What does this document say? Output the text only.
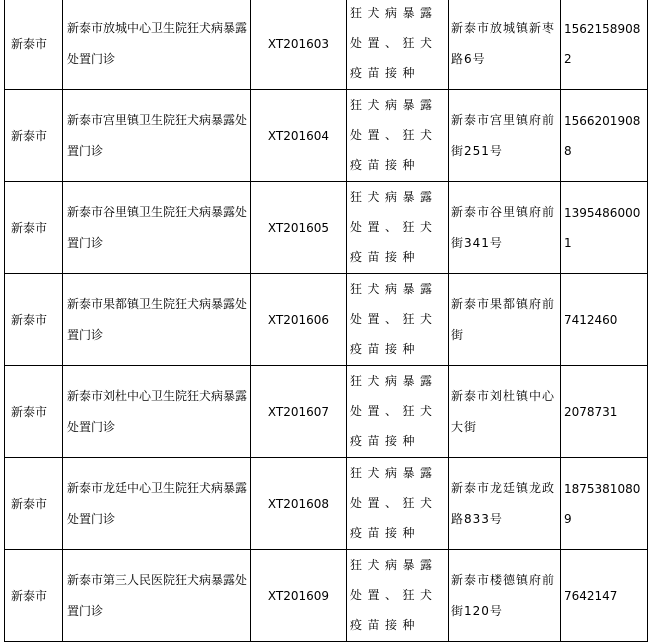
新泰市	新泰市放城中心卫生院狂犬病暴露处置门诊	XT201603	狂犬病暴露处置、狂犬疫苗接种	新泰市放城镇新枣路6号	15621589082
新泰市	新泰市宫里镇卫生院狂犬病暴露处置门诊	XT201604	狂犬病暴露处置、狂犬疫苗接种	新泰市宫里镇府前街251号	15662019088
新泰市	新泰市谷里镇卫生院狂犬病暴露处置门诊	XT201605	狂犬病暴露处置、狂犬疫苗接种	新泰市谷里镇府前街341号	13954860001
新泰市	新泰市果都镇卫生院狂犬病暴露处置门诊	XT201606	狂犬病暴露处置、狂犬疫苗接种	新泰市果都镇府前街	7412460
新泰市	新泰市刘杜中心卫生院狂犬病暴露处置门诊	XT201607	狂犬病暴露处置、狂犬疫苗接种	新泰市刘杜镇中心大街	2078731
新泰市	新泰市龙廷中心卫生院狂犬病暴露处置门诊	XT201608	狂犬病暴露处置、狂犬疫苗接种	新泰市龙廷镇龙政路833号	18753810809
新泰市	新泰市第三人民医院狂犬病暴露处置门诊	XT201609	狂犬病暴露处置、狂犬疫苗接种	新泰市楼德镇府前街120号	7642147
